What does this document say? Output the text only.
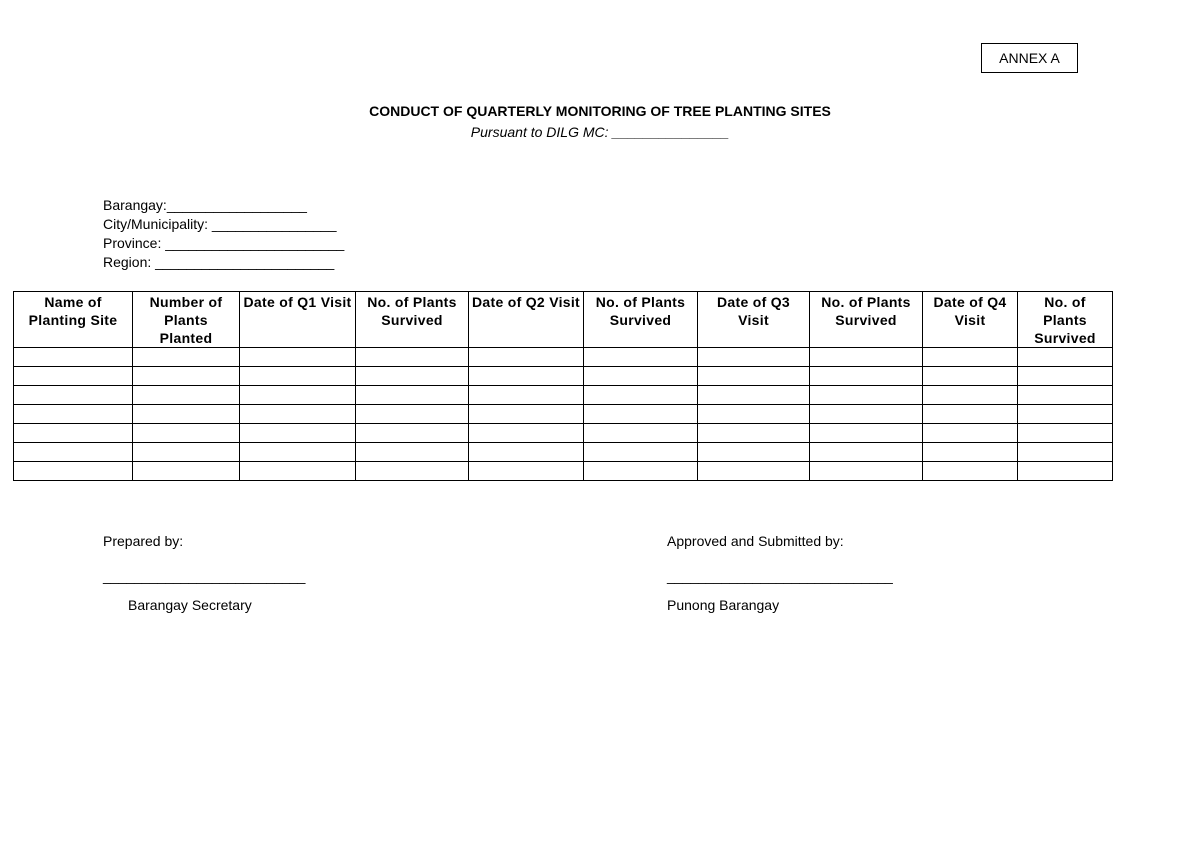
ANNEX A
CONDUCT OF QUARTERLY MONITORING OF TREE PLANTING SITES
Pursuant to DILG MC: _______________
Barangay:__________________
City/Municipality: ________________
Province: _______________________
Region: _______________________
Name of Planting Site	Number of Plants Planted	Date of Q1 Visit	No. of Plants Survived	Date of Q2 Visit	No. of Plants Survived	Date of Q3 Visit	No. of Plants Survived	Date of Q4 Visit	No. of Plants Survived

Prepared by:
__________________________
Barangay Secretary
Approved and Submitted by:
_____________________________
Punong Barangay
